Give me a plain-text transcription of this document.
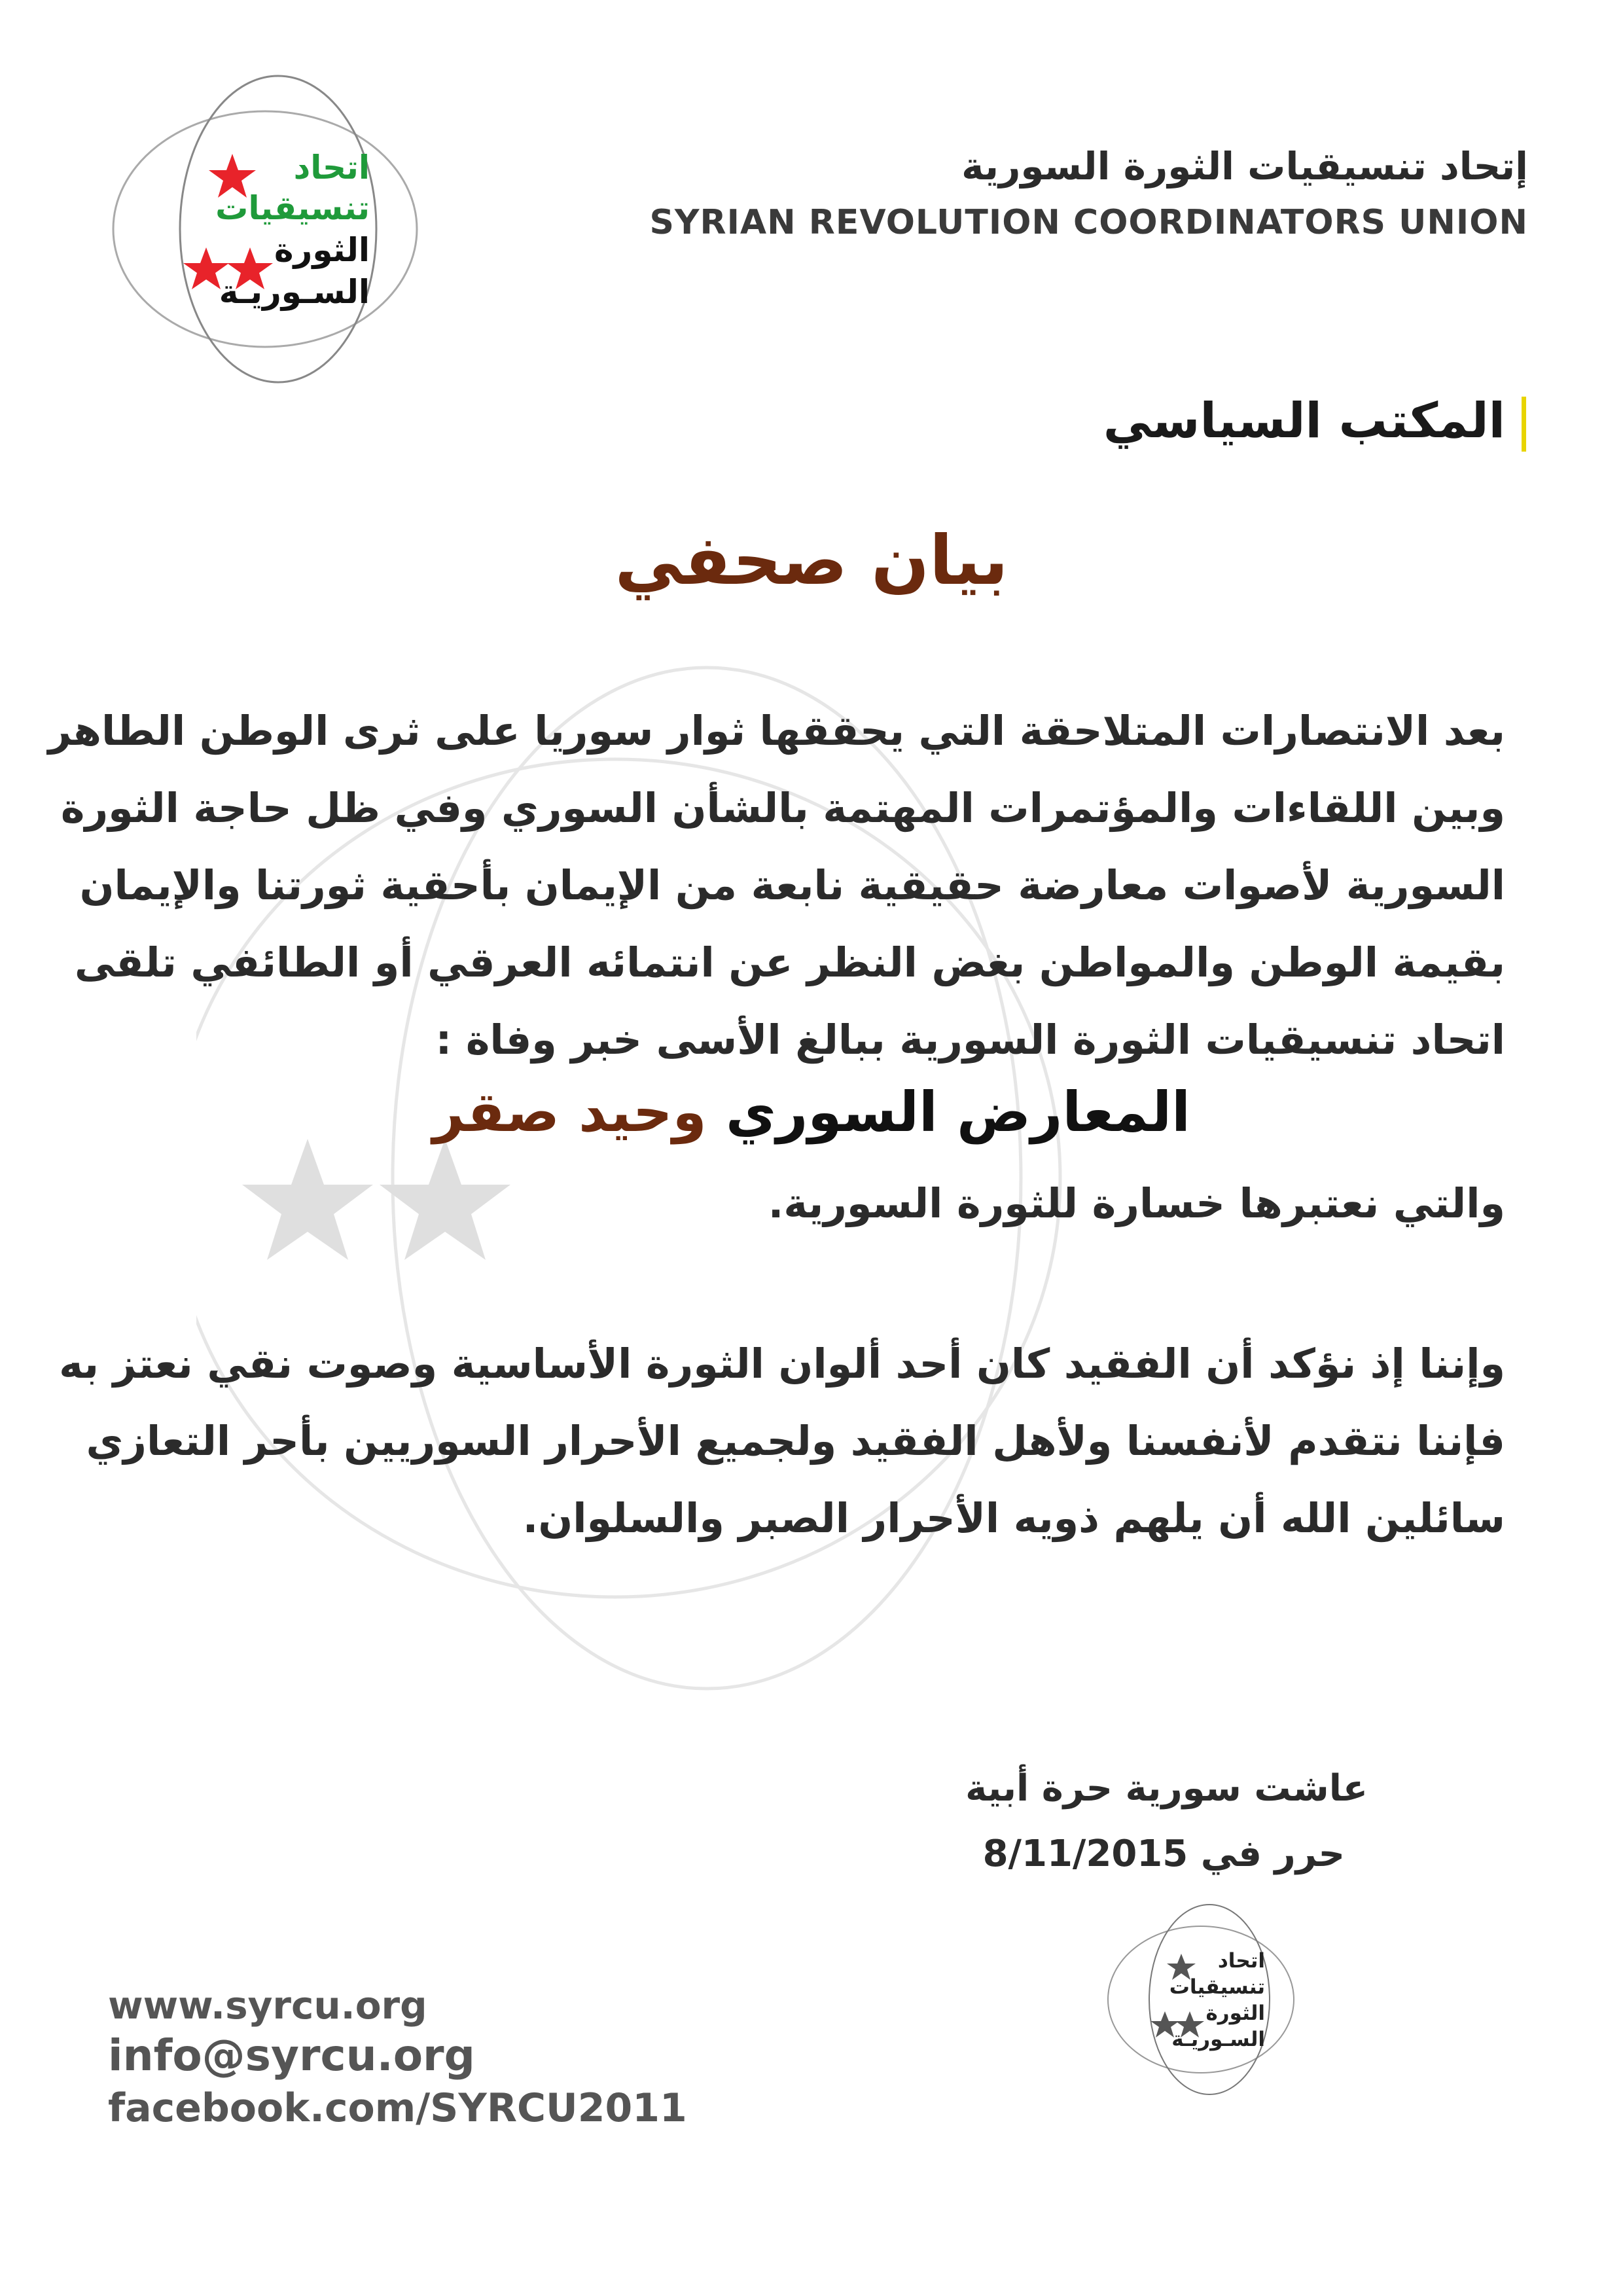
اتحاد
تنسيقيات
الثورة
السـوريـة
إتحاد تنسيقيات الثورة السورية
SYRIAN REVOLUTION COORDINATORS UNION
المكتب السياسي
بيان صحفي
بعد الانتصارات المتلاحقة التي يحققها ثوار سوريا على ثرى الوطن الطاهر
وبين اللقاءات والمؤتمرات المهتمة بالشأن السوري وفي ظل حاجة الثورة
السورية لأصوات معارضة حقيقية نابعة من الإيمان بأحقية ثورتنا والإيمان
بقيمة الوطن والمواطن بغض النظر عن انتمائه العرقي أو الطائفي تلقى
اتحاد تنسيقيات الثورة السورية ببالغ الأسى خبر وفاة :
المعارض السوري وحيد صقر
والتي نعتبرها خسارة للثورة السورية.
وإننا إذ نؤكد أن الفقيد كان أحد ألوان الثورة الأساسية وصوت نقي نعتز به
فإننا نتقدم لأنفسنا ولأهل الفقيد ولجميع الأحرار السوريين بأحر التعازي
سائلين الله أن يلهم ذويه الأحرار الصبر والسلوان.
عاشت سورية حرة أبية
حرر في 8/11/2015
اتحاد
تنسيقيات
الثورة
السـوريـة
www.syrcu.org
info@syrcu.org
facebook.com/SYRCU2011
